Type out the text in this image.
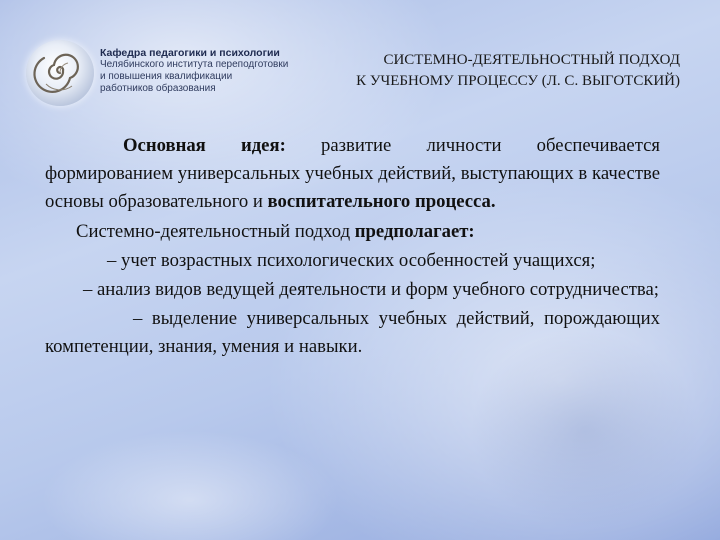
Кафедра педагогики и психологии
Челябинского института переподготовки
и повышения квалификации
работников образования
СИСТЕМНО-ДЕЯТЕЛЬНОСТНЫЙ ПОДХОД
К УЧЕБНОМУ ПРОЦЕССУ (Л. С. ВЫГОТСКИЙ)

Основная идея: развитие личности обеспечивается формированием универсальных учебных действий, выступающих в качестве основы образовательного и воспитательного процесса.

Системно-деятельностный подход предполагает:

– учет возрастных психологических особенностей учащихся;

– анализ видов ведущей деятельности и форм учебного сотрудничества;

– выделение универсальных учебных действий, порождающих компетенции, знания, умения и навыки.
